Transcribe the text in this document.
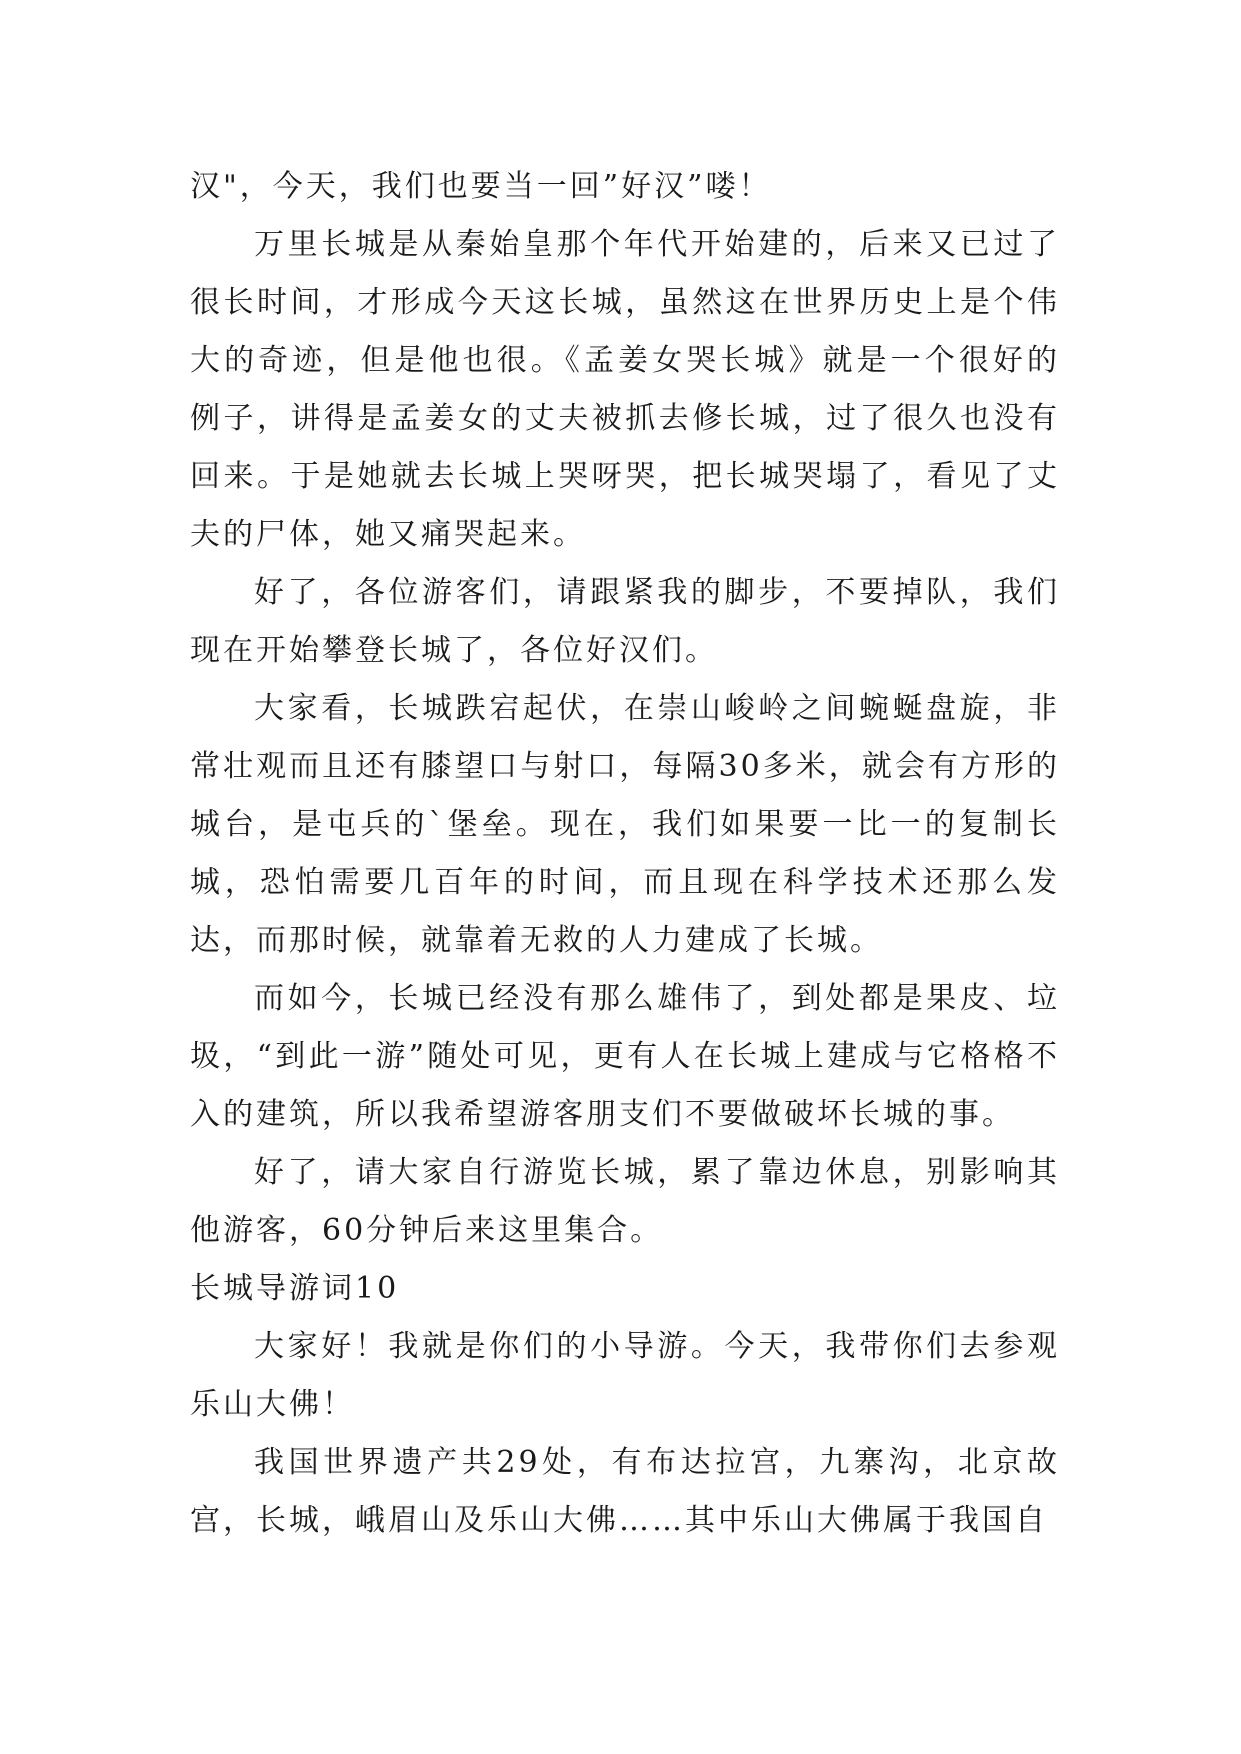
汉"，今天，我们也要当一回”好汉”喽！

万里长城是从秦始皇那个年代开始建的，后来又已过了很长时间，才形成今天这长城，虽然这在世界历史上是个伟大的奇迹，但是他也很。《孟姜女哭长城》就是一个很好的例子，讲得是孟姜女的丈夫被抓去修长城，过了很久也没有回来。于是她就去长城上哭呀哭，把长城哭塌了，看见了丈夫的尸体，她又痛哭起来。

好了，各位游客们，请跟紧我的脚步，不要掉队，我们现在开始攀登长城了，各位好汉们。

大家看，长城跌宕起伏，在崇山峻岭之间蜿蜒盘旋，非常壮观而且还有膝望口与射口，每隔30多米，就会有方形的城台，是屯兵的`堡垒。现在，我们如果要一比一的复制长城，恐怕需要几百年的时间，而且现在科学技术还那么发达，而那时候，就靠着无救的人力建成了长城。

而如今，长城已经没有那么雄伟了，到处都是果皮、垃圾，“到此一游”随处可见，更有人在长城上建成与它格格不入的建筑，所以我希望游客朋支们不要做破坏长城的事。

好了，请大家自行游览长城，累了靠边休息，别影响其他游客，60分钟后来这里集合。

长城导游词10

大家好！我就是你们的小导游。今天，我带你们去参观乐山大佛！

我国世界遗产共29处，有布达拉宫，九寨沟，北京故宫，长城，峨眉山及乐山大佛……其中乐山大佛属于我国自
